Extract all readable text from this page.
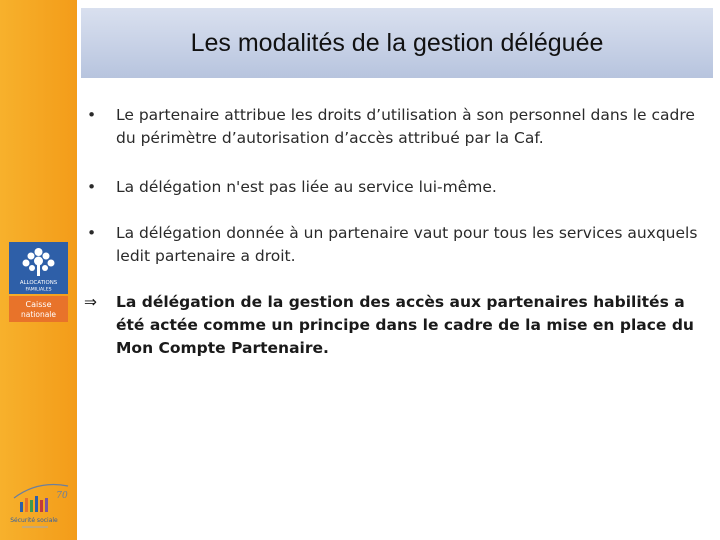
ALLOCATIONS
FAMILIALES
Caisse
nationale
70
Sécurité sociale
Les modalités de la gestion déléguée
• Le partenaire attribue les droits d’utilisation à son personnel dans le cadre du périmètre d’autorisation d’accès attribué par la Caf.
• La délégation n'est pas liée au service lui-même.
• La délégation donnée à un partenaire vaut pour tous les services auxquels ledit partenaire a droit.
⇒ La délégation de la gestion des accès aux partenaires habilités a été actée comme un principe dans le cadre de la mise en place du Mon Compte Partenaire.
